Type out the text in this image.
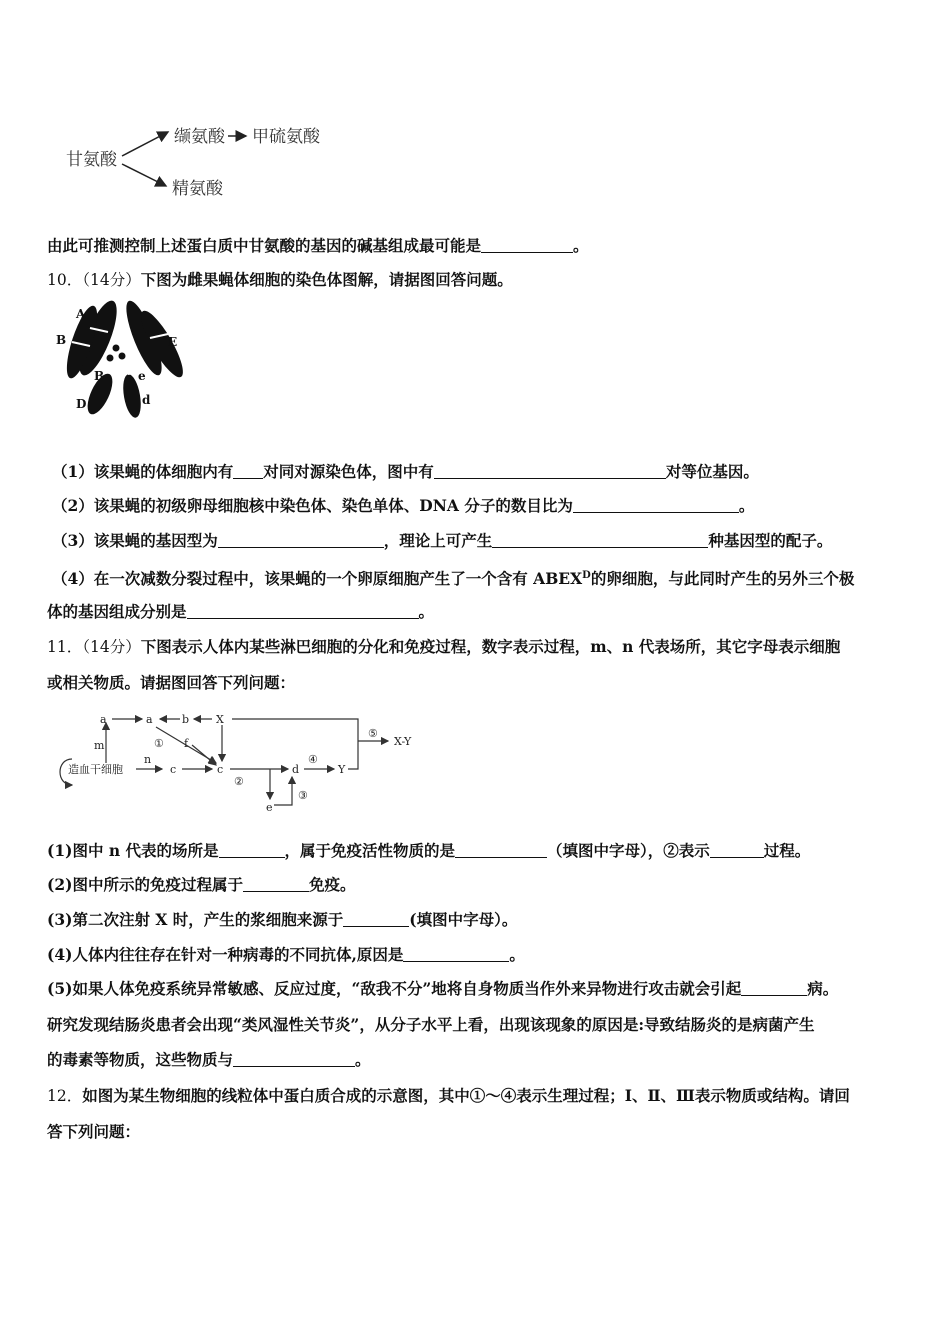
甘氨酸
缬氨酸 甲硫氨酸
精氨酸
由此可推测控制上述蛋白质中甘氨酸的基因的碱基组成最可能是	。
10．（14分）下图为雌果蝇体细胞的染色体图解，请据图回答问题。
A
a
B	E
B	e
D	d
（1）该果蝇的体细胞内有 对同对源染色体，图中有	对等位基因。
（2）该果蝇的初级卵母细胞核中染色体、染色单体、DNA 分子的数目比为	。
（3）该果蝇的基因型为	，理论上可产生	种基因型的配子。
（4）在一次减数分裂过程中，该果蝇的一个卵原细胞产生了一个含有 $ABEX^D$的卵细胞，与此同时产生的另外三个极
体的基因组成分别是	。
11．（14分）下图表示人体内某些淋巴细胞的分化和免疫过程，数字表示过程，m、n 代表场所，其它字母表示细胞
或相关物质。请据图回答下列问题：
造血干细胞
m
n
a	a	b X
① f
c	c
②
d
④
Y
⑤
X-Y
e
③
(1)图中 n 代表的场所是	，属于免疫活性物质的是	（填图中字母），②表示	过程。
(2)图中所示的免疫过程属于	免疫。
(3)第二次注射 X 时，产生的浆细胞来源于	(填图中字母）。
(4)人体内往往存在针对一种病毒的不同抗体,原因是	。
(5)如果人体免疫系统异常敏感、反应过度，“敌我不分”地将自身物质当作外来异物进行攻击就会引起	病。
研究发现结肠炎患者会出现“类风湿性关节炎”，从分子水平上看，出现该现象的原因是:导致结肠炎的是病菌产生
的毒素等物质，这些物质与	。
12．如图为某生物细胞的线粒体中蛋白质合成的示意图，其中①～④表示生理过程；Ⅰ、Ⅱ、Ⅲ表示物质或结构。请回
答下列问题：
